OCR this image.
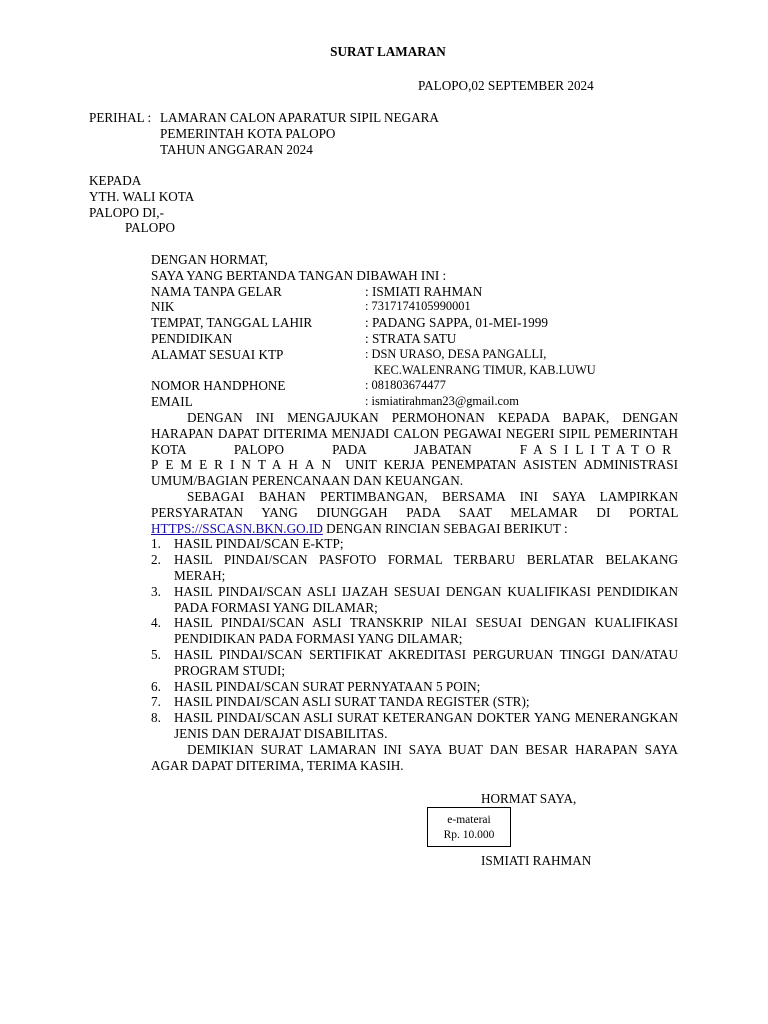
SURAT LAMARAN
PALOPO,02 SEPTEMBER 2024
PERIHAL : LAMARAN CALON APARATUR SIPIL NEGARA
PEMERINTAH KOTA PALOPO
TAHUN ANGGARAN 2024
KEPADA
YTH. WALI KOTA
PALOPO DI,-
PALOPO
DENGAN HORMAT,
SAYA YANG BERTANDA TANGAN DIBAWAH INI :
NAMA TANPA GELAR	: ISMIATI RAHMAN
NIK	: 7317174105990001
TEMPAT, TANGGAL LAHIR	: PADANG SAPPA, 01-MEI-1999
PENDIDIKAN	: STRATA SATU
ALAMAT SESUAI KTP	: DSN URASO, DESA PANGALLI,
KEC.WALENRANG TIMUR, KAB.LUWU
NOMOR HANDPHONE	: 081803674477
EMAIL	: ismiatirahman23@gmail.com
DENGAN INI MENGAJUKAN PERMOHONAN KEPADA BAPAK, DENGAN HARAPAN DAPAT DITERIMA MENJADI CALON PEGAWAI NEGERI SIPIL PEMERINTAH KOTA PALOPO PADA JABATAN	FASILITATOR PEMERINTAHAN UNIT KERJA PENEMPATAN ASISTEN ADMINISTRASI UMUM/BAGIAN PERENCANAAN DAN KEUANGAN.
SEBAGAI BAHAN PERTIMBANGAN, BERSAMA INI SAYA LAMPIRKAN PERSYARATAN YANG DIUNGGAH PADA SAAT MELAMAR DI PORTAL HTTPS://SSCASN.BKN.GO.ID DENGAN RINCIAN SEBAGAI BERIKUT :
1. HASIL PINDAI/SCAN E-KTP;
2. HASIL PINDAI/SCAN PASFOTO FORMAL TERBARU BERLATAR BELAKANG MERAH;
3. HASIL PINDAI/SCAN ASLI IJAZAH SESUAI DENGAN KUALIFIKASI PENDIDIKAN PADA FORMASI YANG DILAMAR;
4. HASIL PINDAI/SCAN ASLI TRANSKRIP NILAI SESUAI DENGAN KUALIFIKASI PENDIDIKAN PADA FORMASI YANG DILAMAR;
5. HASIL PINDAI/SCAN SERTIFIKAT AKREDITASI PERGURUAN TINGGI DAN/ATAU PROGRAM STUDI;
6. HASIL PINDAI/SCAN SURAT PERNYATAAN 5 POIN;
7. HASIL PINDAI/SCAN ASLI SURAT TANDA REGISTER (STR);
8. HASIL PINDAI/SCAN ASLI SURAT KETERANGAN DOKTER YANG MENERANGKAN JENIS DAN DERAJAT DISABILITAS.
DEMIKIAN SURAT LAMARAN INI SAYA BUAT DAN BESAR HARAPAN SAYA AGAR DAPAT DITERIMA, TERIMA KASIH.
HORMAT SAYA,
e-materai
Rp. 10.000
ISMIATI RAHMAN
